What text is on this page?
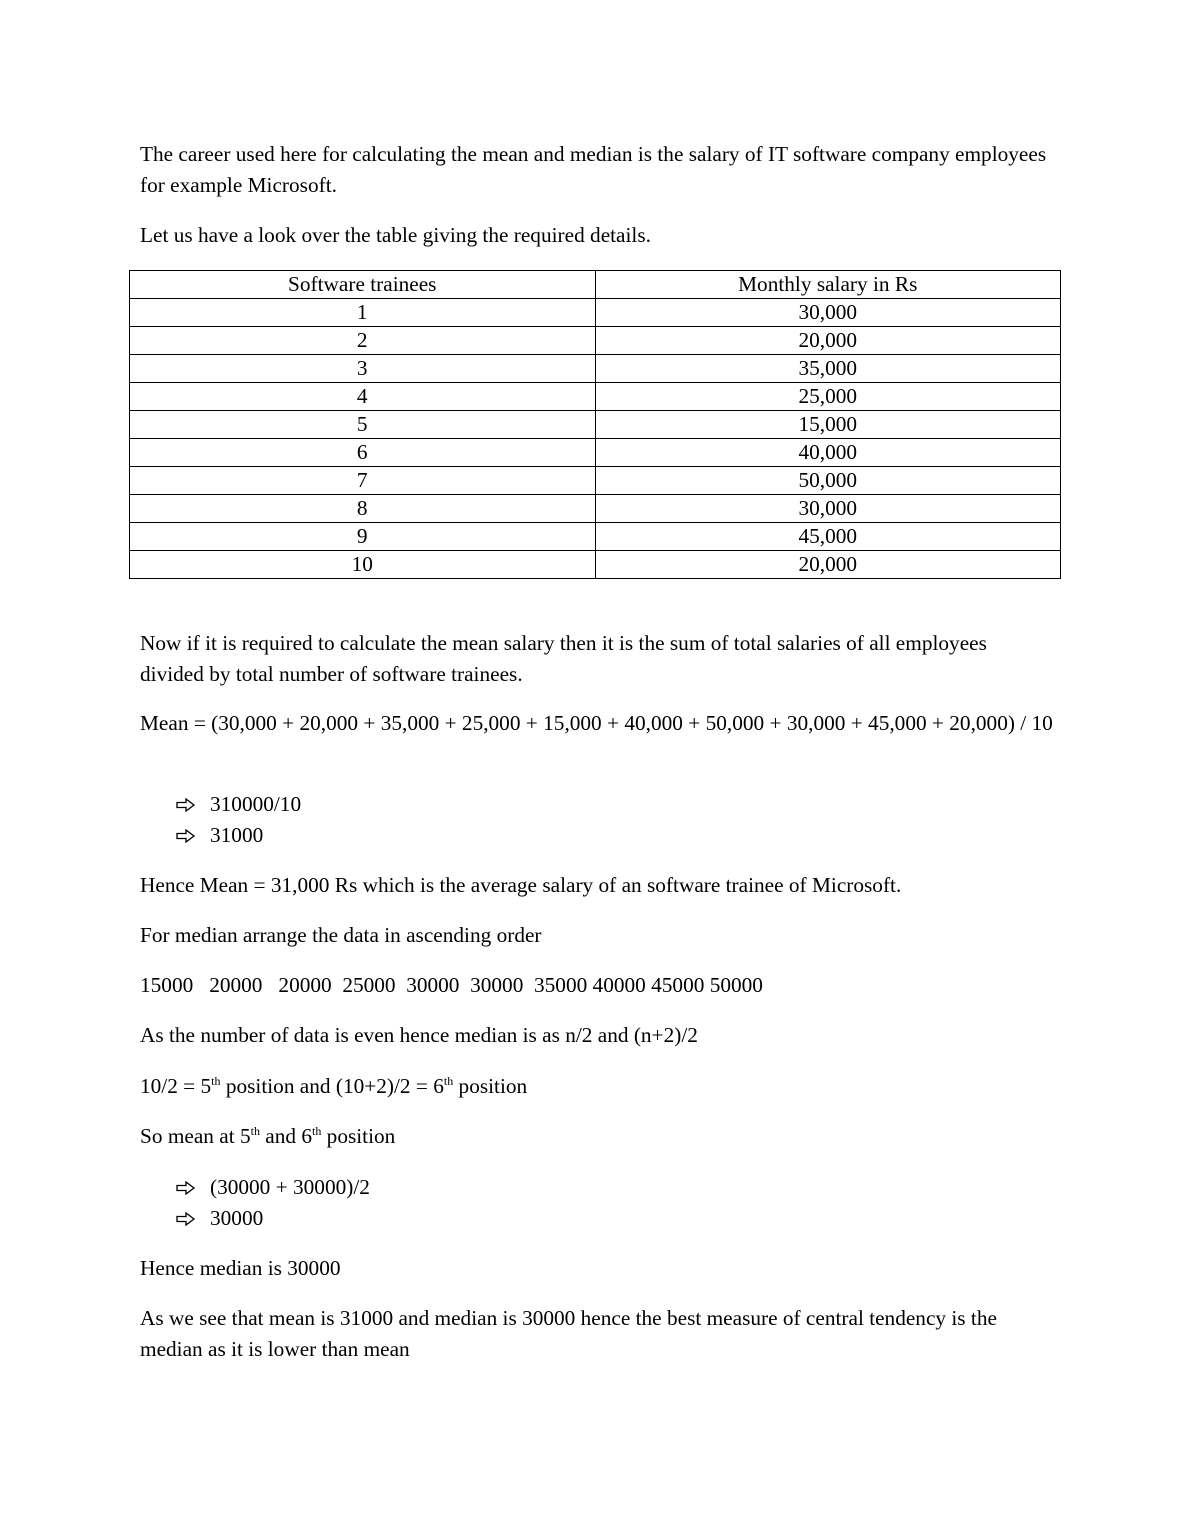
The career used here for calculating the mean and median is the salary of IT software company employees for example Microsoft.

Let us have a look over the table giving the required details.

Software trainees	Monthly salary in Rs
1	30,000
2	20,000
3	35,000
4	25,000
5	15,000
6	40,000
7	50,000
8	30,000
9	45,000
10	20,000

Now if it is required to calculate the mean salary then it is the sum of total salaries of all employees divided by total number of software trainees.

Mean = (30,000 + 20,000 + 35,000 + 25,000 + 15,000 + 40,000 + 50,000 + 30,000 + 45,000 + 20,000) / 10

310000/10
31000

Hence Mean = 31,000 Rs which is the average salary of an software trainee of Microsoft.

For median arrange the data in ascending order

15000   20000   20000  25000  30000  30000  35000 40000 45000 50000

As the number of data is even hence median is as n/2 and (n+2)/2

10/2 = 5th position and (10+2)/2 = 6th position

So mean at 5th and 6th position

(30000 + 30000)/2
30000

Hence median is 30000

As we see that mean is 31000 and median is 30000 hence the best measure of central tendency is the median as it is lower than mean
